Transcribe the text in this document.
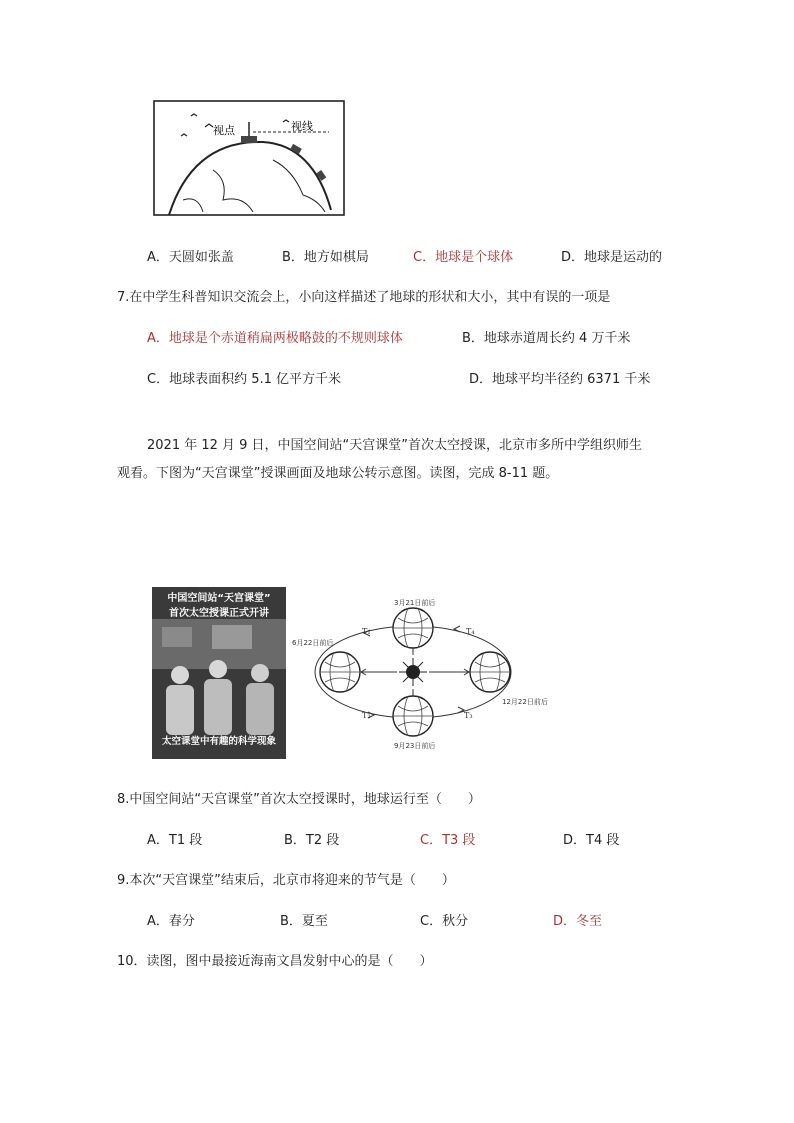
视点	视线
A．天圆如张盖	B．地方如棋局	C．地球是个球体	D．地球是运动的
7.在中学生科普知识交流会上，小向这样描述了地球的形状和大小，其中有误的一项是
A．地球是个赤道稍扁两极略鼓的不规则球体	B．地球赤道周长约 4 万千米
C．地球表面积约 5.1 亿平方千米	D．地球平均半径约 6371 千米
2021 年 12 月 9 日，中国空间站“天宫课堂”首次太空授课，北京市多所中学组织师生
观看。下图为“天宫课堂”授课画面及地球公转示意图。读图，完成 8-11 题。
中国空间站“天宫课堂”
首次太空授课正式开讲
太空课堂中有趣的科学现象
3月21日前后
6月22日前后
12月22日前后
9月23日前后
T₁
T₂	T₃
T₄
8.中国空间站“天宫课堂”首次太空授课时，地球运行至（　　）
A．T1 段	B．T2 段	C．T3 段	D．T4 段
9.本次“天宫课堂”结束后，北京市将迎来的节气是（　　）
A．春分	B．夏至	C．秋分	D．冬至
10．读图，图中最接近海南文昌发射中心的是（　　）
